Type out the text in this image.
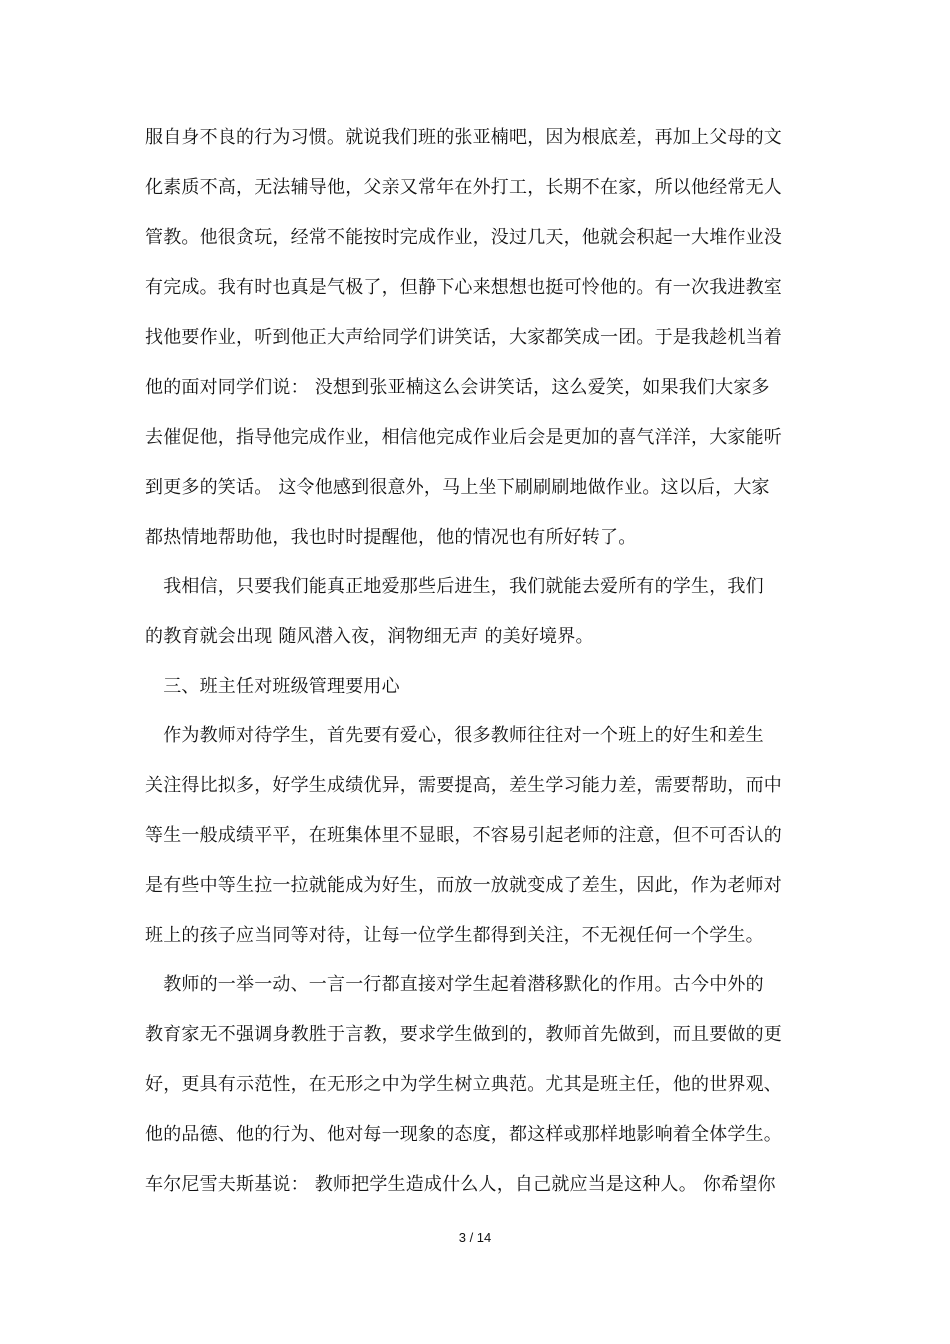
服自身不良的行为习惯。就说我们班的张亚楠吧，因为根底差，再加上父母的文
化素质不高，无法辅导他，父亲又常年在外打工，长期不在家，所以他经常无人
管教。他很贪玩，经常不能按时完成作业，没过几天，他就会积起一大堆作业没
有完成。我有时也真是气极了，但静下心来想想也挺可怜他的。有一次我进教室
找他要作业，听到他正大声给同学们讲笑话，大家都笑成一团。于是我趁机当着
他的面对同学们说： 没想到张亚楠这么会讲笑话，这么爱笑，如果我们大家多
去催促他，指导他完成作业，相信他完成作业后会是更加的喜气洋洋，大家能听
到更多的笑话。 这令他感到很意外，马上坐下刷刷刷地做作业。这以后，大家
都热情地帮助他，我也时时提醒他，他的情况也有所好转了。
　我相信，只要我们能真正地爱那些后进生，我们就能去爱所有的学生，我们
的教育就会出现 随风潜入夜，润物细无声 的美好境界。
　三、班主任对班级管理要用心
　作为教师对待学生，首先要有爱心，很多教师往往对一个班上的好生和差生
关注得比拟多，好学生成绩优异，需要提高，差生学习能力差，需要帮助，而中
等生一般成绩平平，在班集体里不显眼，不容易引起老师的注意，但不可否认的
是有些中等生拉一拉就能成为好生，而放一放就变成了差生，因此，作为老师对
班上的孩子应当同等对待，让每一位学生都得到关注，不无视任何一个学生。
　教师的一举一动、一言一行都直接对学生起着潜移默化的作用。古今中外的
教育家无不强调身教胜于言教，要求学生做到的，教师首先做到，而且要做的更
好，更具有示范性，在无形之中为学生树立典范。尤其是班主任，他的世界观、
他的品德、他的行为、他对每一现象的态度，都这样或那样地影响着全体学生。
车尔尼雪夫斯基说： 教师把学生造成什么人，自己就应当是这种人。 你希望你
3 / 14
